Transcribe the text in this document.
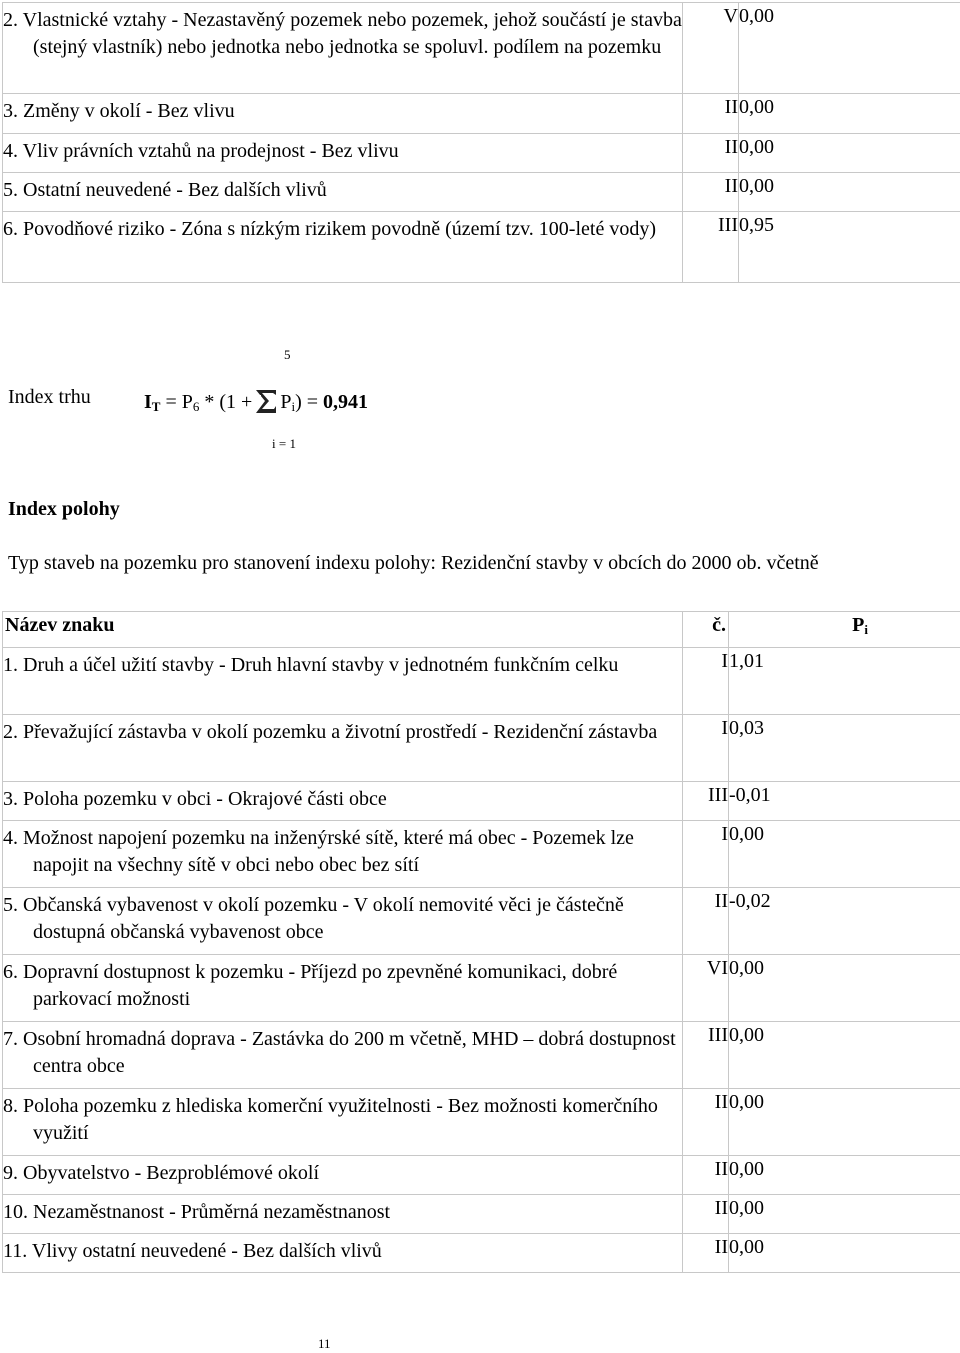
2. Vlastnické vztahy - Nezastavěný pozemek nebo pozemek, jehož součástí je stavba (stejný vlastník) nebo jednotka nebo jednotka se spoluvl. podílem na pozemku	V	0,00

3. Změny v okolí - Bez vlivu	II	0,00

4. Vliv právních vztahů na prodejnost - Bez vlivu	II	0,00

5. Ostatní neuvedené - Bez dalších vlivů	II	0,00

6. Povodňové riziko - Zóna s nízkým rizikem povodně (území tzv. 100-leté vody)	III	0,95
Index trhu
5
i = 1
$I_T = P_6 * (1 + P_i) = 0,941$
Index polohy
Typ staveb na pozemku pro stanovení indexu polohy: Rezidenční stavby v obcích do 2000 ob. včetně
Název znaku	č.	$P_i$

1. Druh a účel užití stavby - Druh hlavní stavby v jednotném funkčním celku	I	1,01

2. Převažující zástavba v okolí pozemku a životní prostředí - Rezidenční zástavba	I	0,03

3. Poloha pozemku v obci - Okrajové části obce	III	-0,01

4. Možnost napojení pozemku na inženýrské sítě, které má obec - Pozemek lze napojit na všechny sítě v obci nebo obec bez sítí	I	0,00

5. Občanská vybavenost v okolí pozemku - V okolí nemovité věci je částečně dostupná občanská vybavenost obce	II	-0,02

6. Dopravní dostupnost k pozemku - Příjezd po zpevněné komunikaci, dobré parkovací možnosti	VI	0,00

7. Osobní hromadná doprava - Zastávka do 200 m včetně, MHD – dobrá dostupnost centra obce	III	0,00

8. Poloha pozemku z hlediska komerční využitelnosti - Bez možnosti komerčního využití	II	0,00

9. Obyvatelstvo - Bezproblémové okolí	II	0,00

10. Nezaměstnanost - Průměrná nezaměstnanost	II	0,00

11. Vlivy ostatní neuvedené - Bez dalších vlivů	II	0,00
11
